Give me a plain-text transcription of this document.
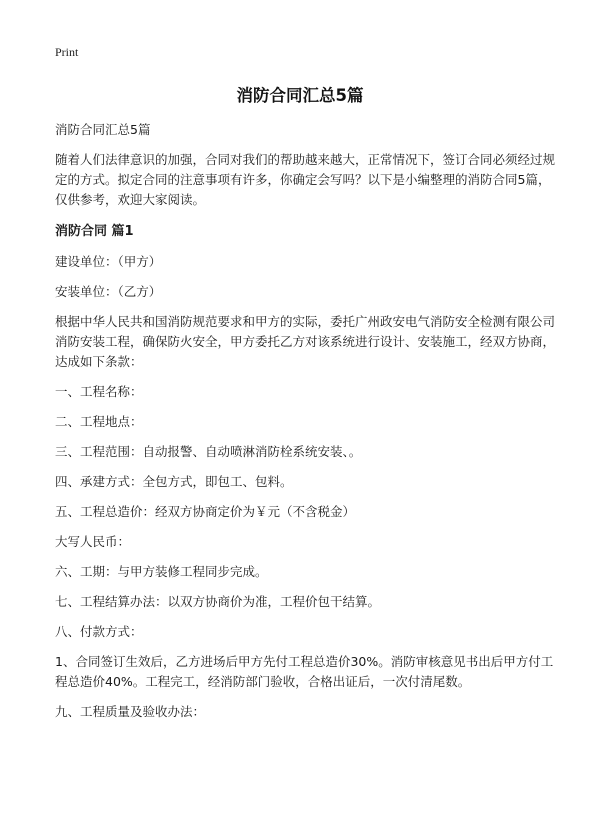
Print
消防合同汇总5篇

消防合同汇总5篇

随着人们法律意识的加强，合同对我们的帮助越来越大，正常情况下，签订合同必须经过规定的方式。拟定合同的注意事项有许多，你确定会写吗？以下是小编整理的消防合同5篇，仅供参考，欢迎大家阅读。

消防合同 篇1

建设单位：（甲方）

安装单位：（乙方）

根据中华人民共和国消防规范要求和甲方的实际，委托广州政安电气消防安全检测有限公司消防安装工程，确保防火安全，甲方委托乙方对该系统进行设计、安装施工，经双方协商，达成如下条款：

一、工程名称：

二、工程地点：

三、工程范围：自动报警、自动喷淋消防栓系统安装、。

四、承建方式：全包方式，即包工、包料。

五、工程总造价：经双方协商定价为￥元（不含税金）

大写人民币：

六、工期：与甲方装修工程同步完成。

七、工程结算办法：以双方协商价为准，工程价包干结算。

八、付款方式：

1、合同签订生效后，乙方进场后甲方先付工程总造价30%。消防审核意见书出后甲方付工程总造价40%。工程完工，经消防部门验收，合格出证后，一次付清尾数。

九、工程质量及验收办法：
